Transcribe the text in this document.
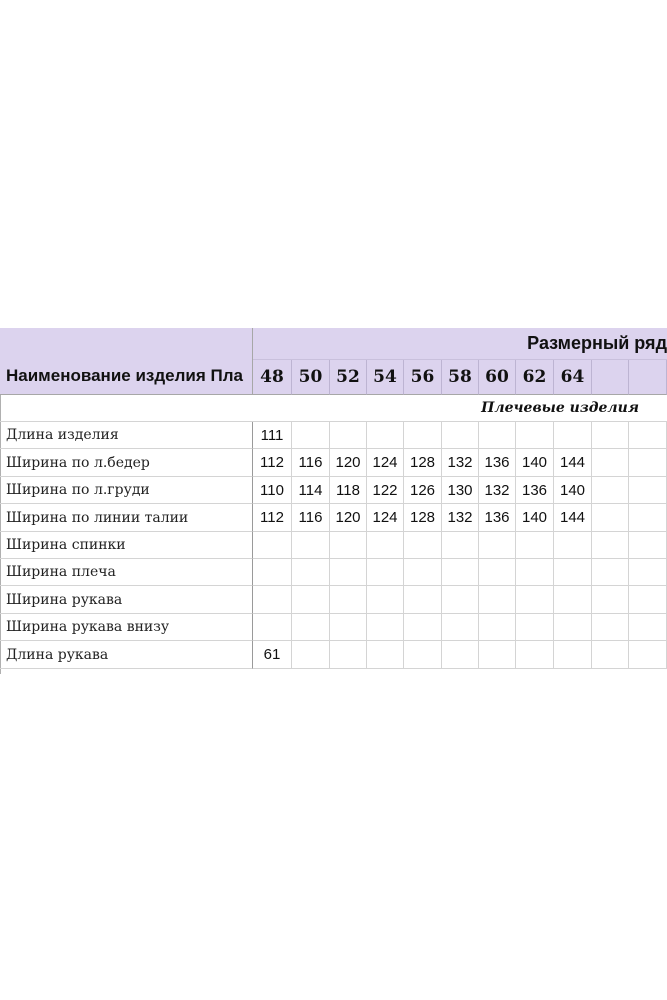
Наименование изделия Пла
Размерный ряд
Плечевые изделия
48 50 52 54 56 58 60 62 64
Длина изделия	111
Ширина по л.бедер	112 116 120 124 128 132 136 140 144
Ширина по л.груди	110 114 118 122 126 130 132 136 140
Ширина по линии талии	112 116 120 124 128 132 136 140 144
Ширина спинки
Ширина плеча
Ширина рукава
Ширина рукава внизу
Длина рукава	61
